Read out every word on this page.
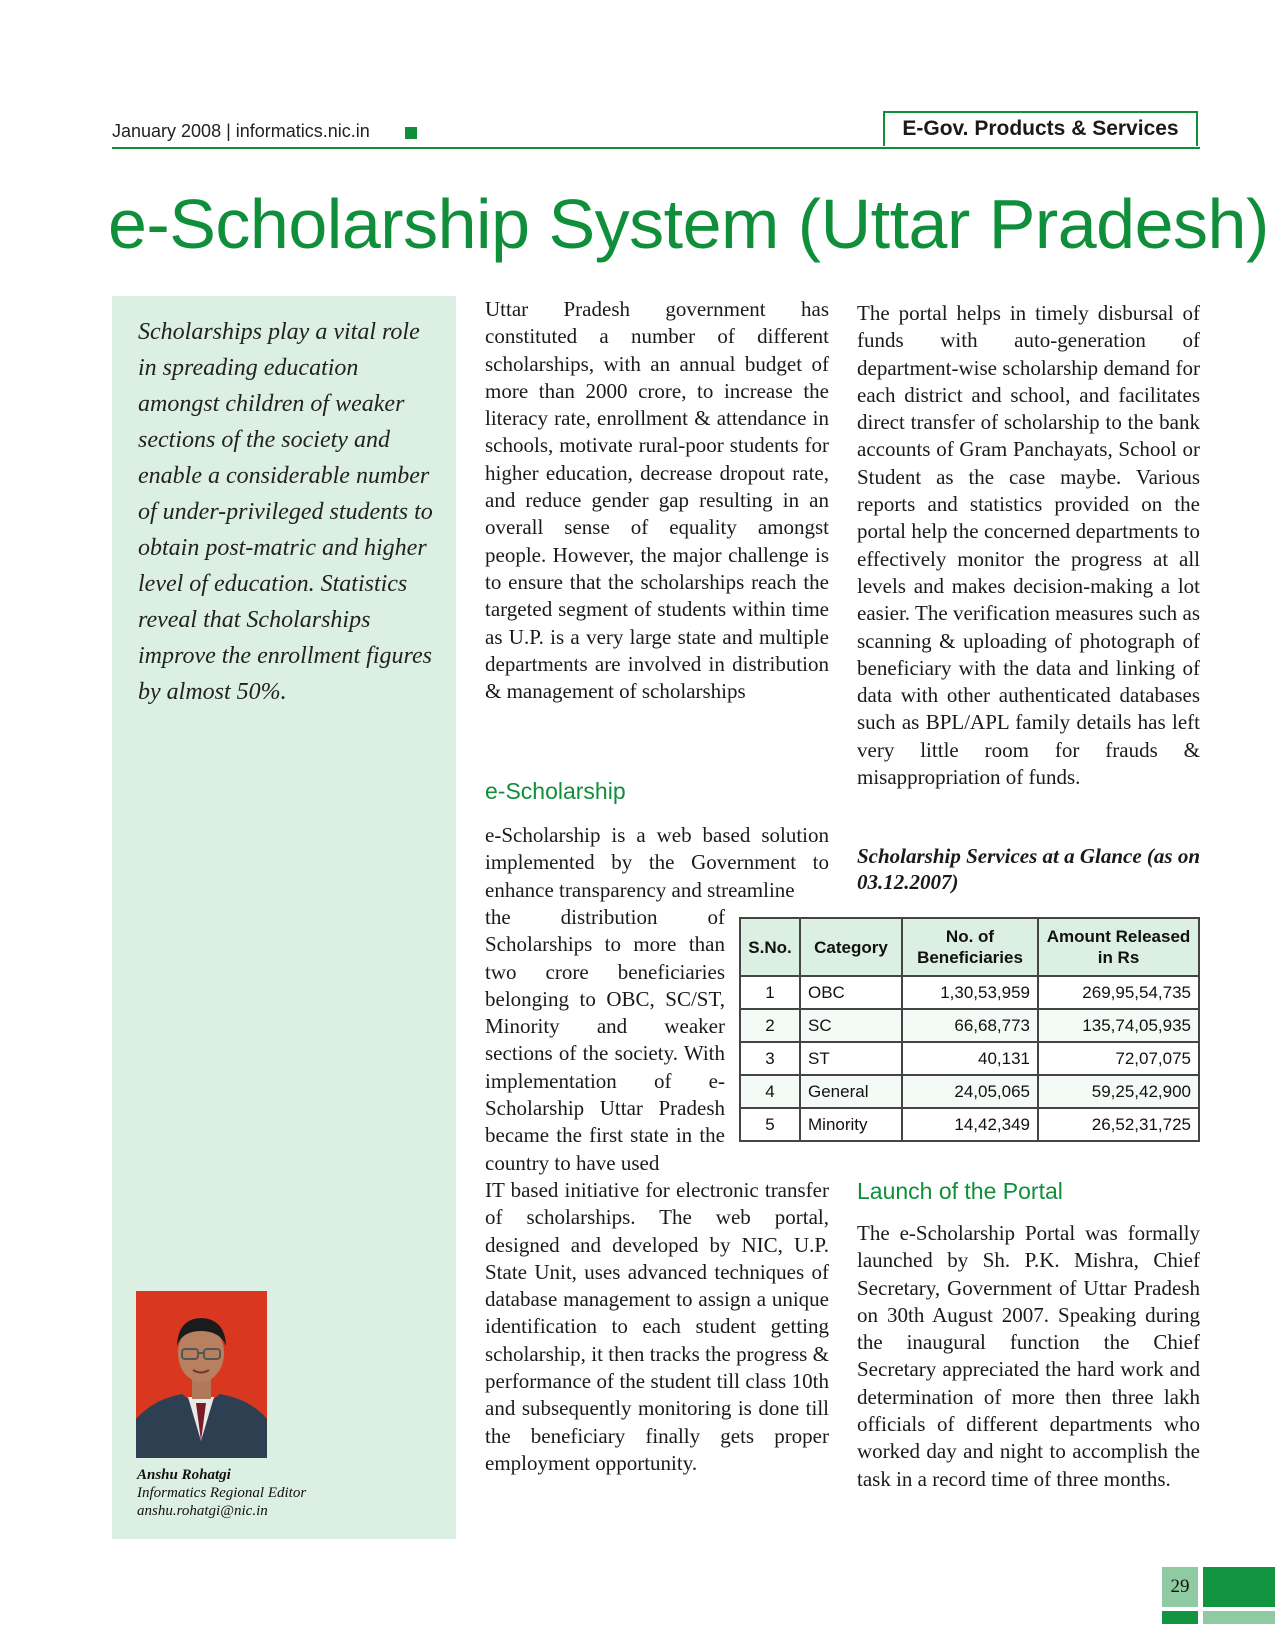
January 2008 | informatics.nic.in	E-Gov. Products & Services
e-Scholarship System (Uttar Pradesh)
Scholarships play a vital role in spreading education amongst children of weaker sections of the society and enable a considerable number of under-privileged students to obtain post-matric and higher level of education. Statistics reveal that Scholarships improve the enrollment figures by almost 50%.
Anshu Rohatgi
Informatics Regional Editor
anshu.rohatgi@nic.in

Uttar Pradesh government has constituted a number of different scholarships, with an annual budget of more than 2000 crore, to increase the literacy rate, enrollment & attendance in schools, motivate rural-poor students for higher education, decrease dropout rate, and reduce gender gap resulting in an overall sense of equality amongst people. However, the major challenge is to ensure that the scholarships reach the targeted segment of students within time as U.P. is a very large state and multiple departments are involved in distribution & management of scholarships

e-Scholarship

e-Scholarship is a web based solution implemented by the Government to enhance transparency and streamline

the distribution of Scholarships to more than two crore beneficiaries belonging to OBC, SC/ST, Minority and weaker sections of the society. With implementation of e-Scholarship Uttar Pradesh became the first state in the country to have used

IT based initiative for electronic transfer of scholarships. The web portal, designed and developed by NIC, U.P. State Unit, uses advanced techniques of database management to assign a unique identification to each student getting scholarship, it then tracks the progress & performance of the student till class 10th and subsequently monitoring is done till the beneficiary finally gets proper employment opportunity.

The portal helps in timely disbursal of funds with auto-generation of department-wise scholarship demand for each district and school, and facilitates direct transfer of scholarship to the bank accounts of Gram Panchayats, School or Student as the case maybe. Various reports and statistics provided on the portal help the concerned departments to effectively monitor the progress at all levels and makes decision-making a lot easier. The verification measures such as scanning & uploading of photograph of beneficiary with the data and linking of data with other authenticated databases such as BPL/APL family details has left very little room for frauds & misappropriation of funds.

Scholarship Services at a Glance (as on 03.12.2007)
S.No.	Category	No. of Beneficiaries	Amount Released in Rs
1	OBC	1,30,53,959	269,95,54,735
2	SC	66,68,773	135,74,05,935
3	ST	40,131	72,07,075
4	General	24,05,065	59,25,42,900
5	Minority	14,42,349	26,52,31,725
Launch of the Portal

The e-Scholarship Portal was formally launched by Sh. P.K. Mishra, Chief Secretary, Government of Uttar Pradesh on 30th August 2007. Speaking during the inaugural function the Chief Secretary appreciated the hard work and determination of more then three lakh officials of different departments who worked day and night to accomplish the task in a record time of three months.

29
